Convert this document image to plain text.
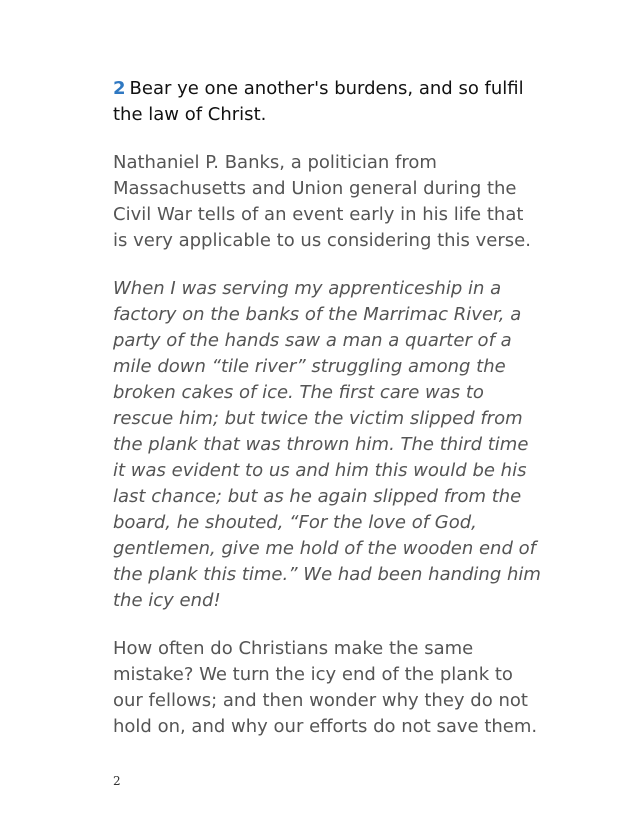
2 Bear ye one another's burdens, and so fulfil the law of Christ.

Nathaniel P. Banks, a politician from Massachusetts and Union general during the Civil War tells of an event early in his life that is very applicable to us considering this verse.

When I was serving my apprenticeship in a factory on the banks of the Marrimac River, a party of the hands saw a man a quarter of a mile down “tile river” struggling among the broken cakes of ice. The first care was to rescue him; but twice the victim slipped from the plank that was thrown him. The third time it was evident to us and him this would be his last chance; but as he again slipped from the board, he shouted, “For the love of God, gentlemen, give me hold of the wooden end of the plank this time.” We had been handing him the icy end!

How often do Christians make the same mistake? We turn the icy end of the plank to our fellows; and then wonder why they do not hold on, and why our efforts do not save them.

2
